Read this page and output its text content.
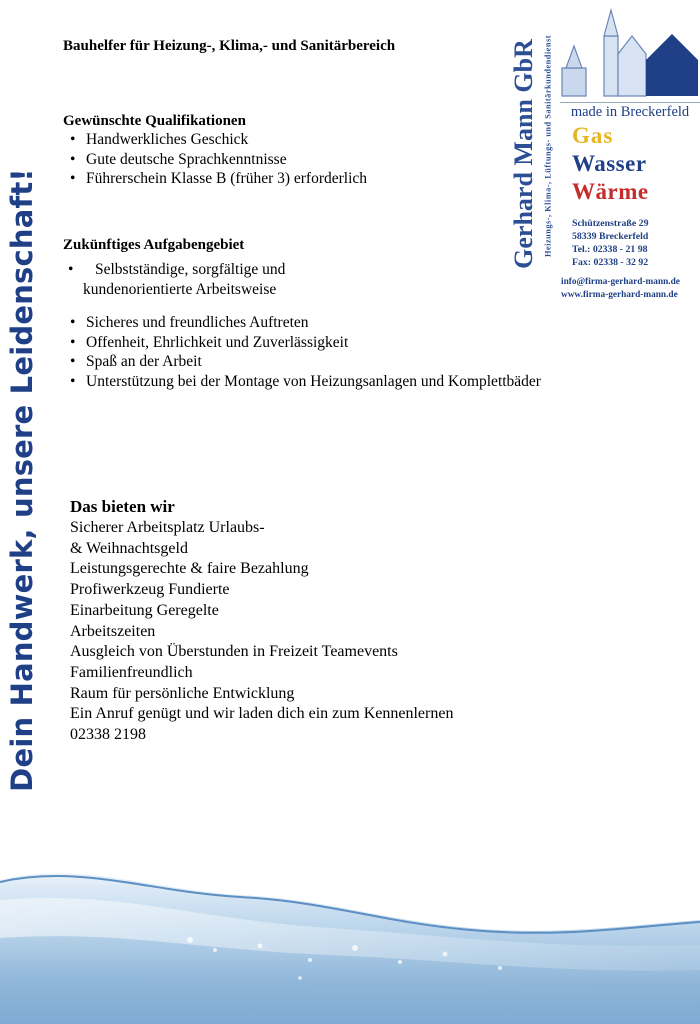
Dein Handwerk, unsere Leidenschaft!
Bauhelfer für Heizung-, Klima,- und Sanitärbereich
Gewünschte Qualifikationen
• Handwerkliches Geschick
• Gute deutsche Sprachkenntnisse
• Führerschein Klasse B (früher 3) erforderlich
Zukünftiges Aufgabengebiet
•	Selbstständige, sorgfältige und
kundenorientierte Arbeitsweise
• Sicheres und freundliches Auftreten
• Offenheit, Ehrlichkeit und Zuverlässigkeit
• Spaß an der Arbeit
• Unterstützung bei der Montage von Heizungsanlagen und Komplettbäder
Das bieten wir
Sicherer Arbeitsplatz Urlaubs-
& Weihnachtsgeld
Leistungsgerechte & faire Bezahlung
Profiwerkzeug Fundierte
Einarbeitung Geregelte
Arbeitszeiten
Ausgleich von Überstunden in Freizeit Teamevents
Familienfreundlich
Raum für persönliche Entwicklung
Ein Anruf genügt und wir laden dich ein zum Kennenlernen
02338 2198
Gerhard Mann GbR Heizungs-, Klima-, Lüftungs- und Sanitärkundendienst	made in Breckerfeld
Gas
Wasser
Wärme
Schützenstraße 29
58339 Breckerfeld
Tel.: 02338 - 21 98
Fax: 02338 - 32 92
info@firma-gerhard-mann.de
www.firma-gerhard-mann.de
